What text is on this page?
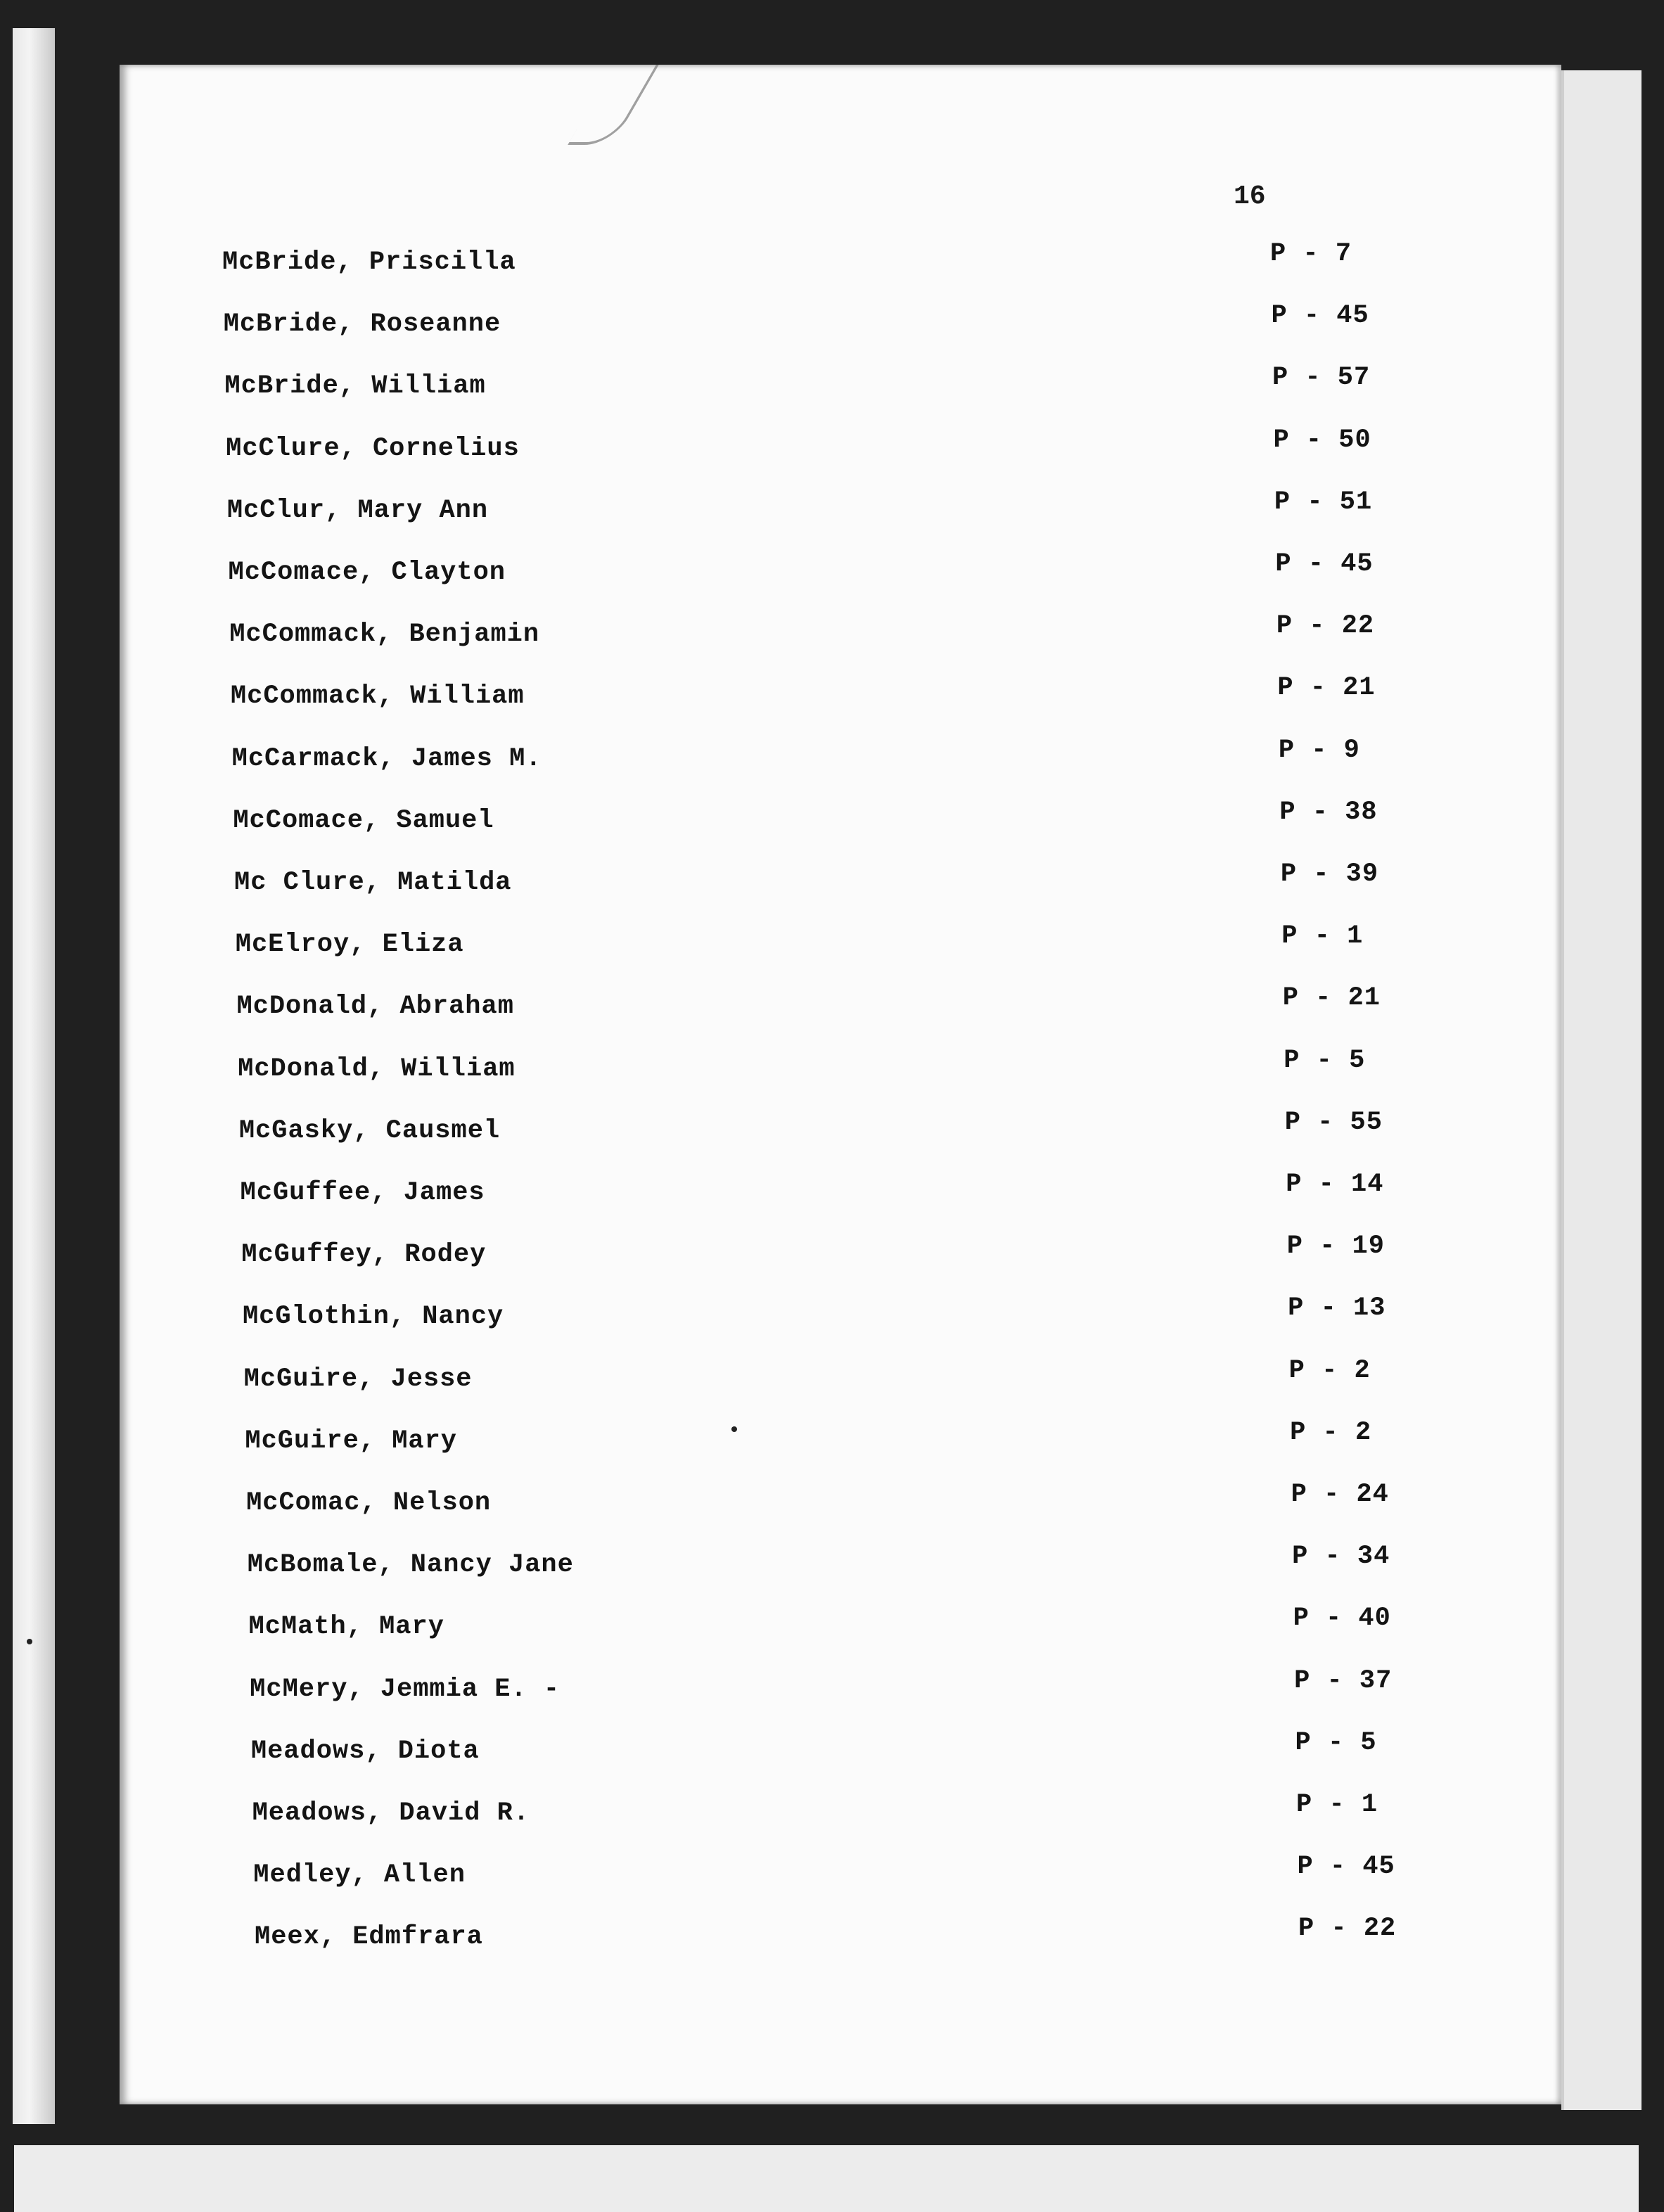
16
McBride, Priscilla	P - 7
McBride, Roseanne	P - 45
McBride, William	P - 57
McClure, Cornelius	P - 50
McClur, Mary Ann	P - 51
McComace, Clayton	P - 45
McCommack, Benjamin	P - 22
McCommack, William	P - 21
McCarmack, James M.	P - 9
McComace, Samuel	P - 38
Mc Clure, Matilda	P - 39
McElroy, Eliza	P - 1
McDonald, Abraham	P - 21
McDonald, William	P - 5
McGasky, Causmel	P - 55
McGuffee, James	P - 14
McGuffey, Rodey	P - 19
McGlothin, Nancy	P - 13
McGuire, Jesse	P - 2
McGuire, Mary	P - 2
McComac, Nelson	P - 24
McBomale, Nancy Jane	P - 34
McMath, Mary	P - 40
McMery, Jemmia E. -	P - 37
Meadows, Diota	P - 5
Meadows, David R.	P - 1
Medley, Allen	P - 45
Meex, Edmfrara	P - 22
